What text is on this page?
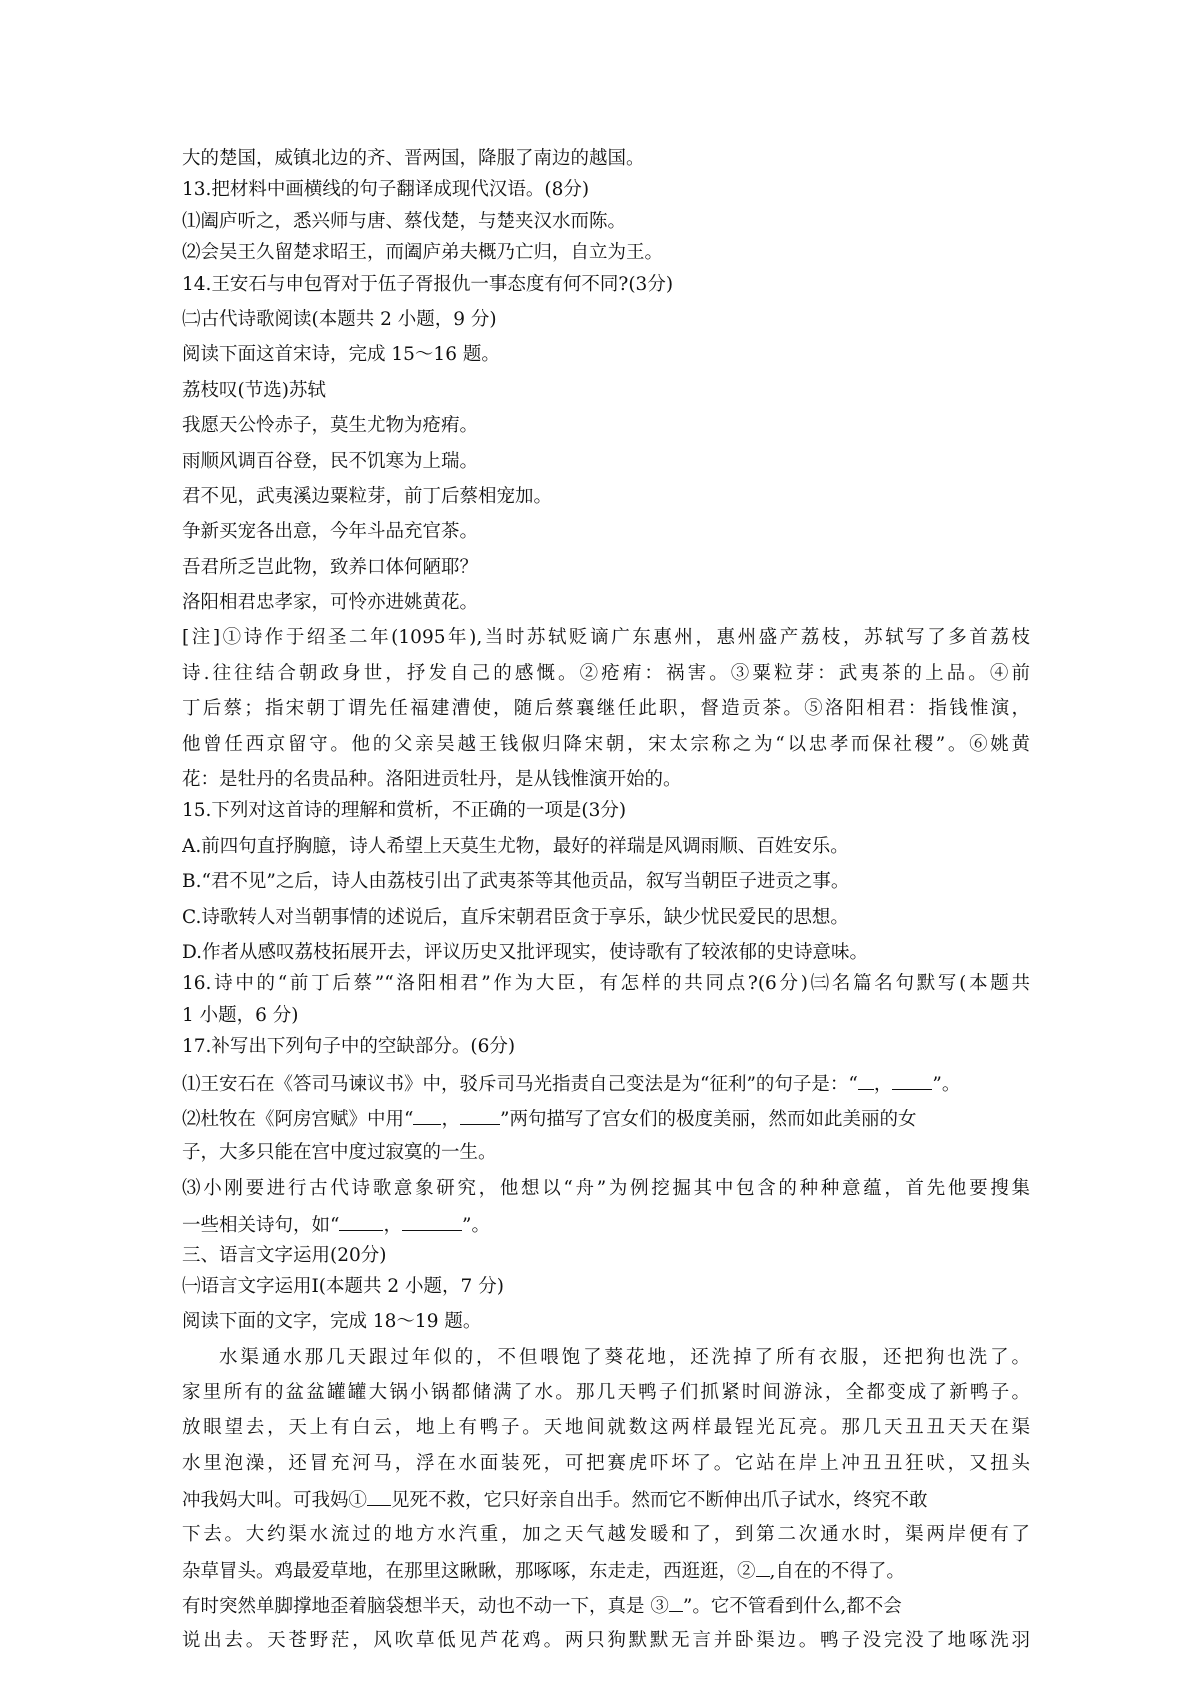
大的楚国，威镇北边的齐、晋两国，降服了南边的越国。
13.把材料中画横线的句子翻译成现代汉语。(8分)
⑴阖庐听之，悉兴师与唐、蔡伐楚，与楚夹汉水而陈。
⑵会吴王久留楚求昭王，而阖庐弟夫概乃亡归，自立为王。
14.王安石与申包胥对于伍子胥报仇一事态度有何不同?(3分)
㈡古代诗歌阅读(本题共 2 小题，9 分)
阅读下面这首宋诗，完成 15～16 题。
荔枝叹(节选)苏轼
我愿天公怜赤子，莫生尤物为疮痏。
雨顺风调百谷登，民不饥寒为上瑞。
君不见，武夷溪边粟粒芽，前丁后蔡相宠加。
争新买宠各出意，今年斗品充官茶。
吾君所乏岂此物，致养口体何陋耶？
洛阳相君忠孝家，可怜亦进姚黄花。
[注]①诗作于绍圣二年(1095年),当时苏轼贬谪广东惠州，惠州盛产荔枝，苏轼写了多首荔枝
诗.往往结合朝政身世，抒发自己的感慨。②疮痏：祸害。③粟粒芽：武夷茶的上品。④前
丁后蔡；指宋朝丁谓先任福建漕使，随后蔡襄继任此职，督造贡茶。⑤洛阳相君：指钱惟演，
他曾任西京留守。他的父亲吴越王钱俶归降宋朝，宋太宗称之为“以忠孝而保社稷”。⑥姚黄
花：是牡丹的名贵品种。洛阳进贡牡丹，是从钱惟演开始的。
15.下列对这首诗的理解和赏析，不正确的一项是(3分)
A.前四句直抒胸臆，诗人希望上天莫生尤物，最好的祥瑞是风调雨顺、百姓安乐。
B.“君不见”之后，诗人由荔枝引出了武夷茶等其他贡品，叙写当朝臣子进贡之事。
C.诗歌转人对当朝事情的述说后，直斥宋朝君臣贪于享乐，缺少忧民爱民的思想。
D.作者从感叹荔枝拓展开去，评议历史又批评现实，使诗歌有了较浓郁的史诗意味。
16.诗中的“前丁后蔡”“洛阳相君”作为大臣，有怎样的共同点?(6分)㈢名篇名句默写(本题共
1 小题，6 分)
17.补写出下列句子中的空缺部分。(6分)
⑴王安石在《答司马谏议书》中，驳斥司马光指责自己变法是为“征利”的句子是：“ ， ”。
⑵杜牧在《阿房宫赋》中用“ ， ”两句描写了宫女们的极度美丽，然而如此美丽的女
子，大多只能在宫中度过寂寞的一生。
⑶小刚要进行古代诗歌意象研究，他想以“舟”为例挖掘其中包含的种种意蕴，首先他要搜集
一些相关诗句，如“ ，	”。
三、语言文字运用(20分)
㈠语言文字运用Ⅰ(本题共 2 小题，7 分)
阅读下面的文字，完成 18～19 题。
水渠通水那几天跟过年似的，不但喂饱了葵花地，还洗掉了所有衣服，还把狗也洗了。
家里所有的盆盆罐罐大锅小锅都储满了水。那几天鸭子们抓紧时间游泳，全都变成了新鸭子。
放眼望去，天上有白云，地上有鸭子。天地间就数这两样最锃光瓦亮。那几天丑丑天天在渠
水里泡澡，还冒充河马，浮在水面装死，可把赛虎吓坏了。它站在岸上冲丑丑狂吠，又扭头
冲我妈大叫。可我妈① 见死不救，它只好亲自出手。然而它不断伸出爪子试水，终究不敢
下去。大约渠水流过的地方水汽重，加之天气越发暖和了，到第二次通水时，渠两岸便有了
杂草冒头。鸡最爱草地，在那里这瞅瞅，那啄啄，东走走，西逛逛，② ,自在的不得了。
有时突然单脚撑地歪着脑袋想半天，动也不动一下，真是 ③ ”。它不管看到什么,都不会
说出去。天苍野茫，风吹草低见芦花鸡。两只狗默默无言并卧渠边。鸭子没完没了地啄洗羽
